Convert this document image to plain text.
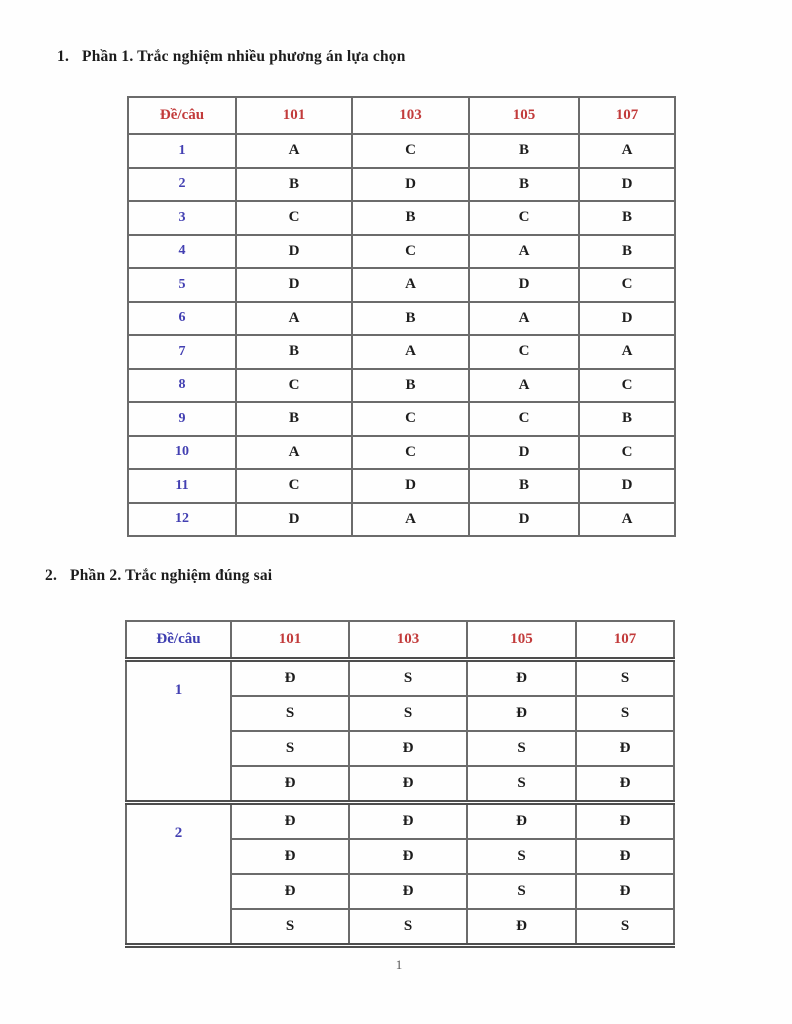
1. Phần 1. Trắc nghiệm nhiều phương án lựa chọn
Đề/câu	101	103	105	107
1	A	C	B	A
2	B	D	B	D
3	C	B	C	B
4	D	C	A	B
5	D	A	D	C
6	A	B	A	D
7	B	A	C	A
8	C	B	A	C
9	B	C	C	B
10	A	C	D	C
11	C	D	B	D
12	D	A	D	A
2. Phần 2. Trắc nghiệm đúng sai
Đề/câu	101	103	105	107
1	Đ	S	Đ	S
	S	S	Đ	S
	S	Đ	S	Đ
	Đ	Đ	S	Đ
2	Đ	Đ	Đ	Đ
	Đ	Đ	S	Đ
	Đ	Đ	S	Đ
	S	S	Đ	S
1
